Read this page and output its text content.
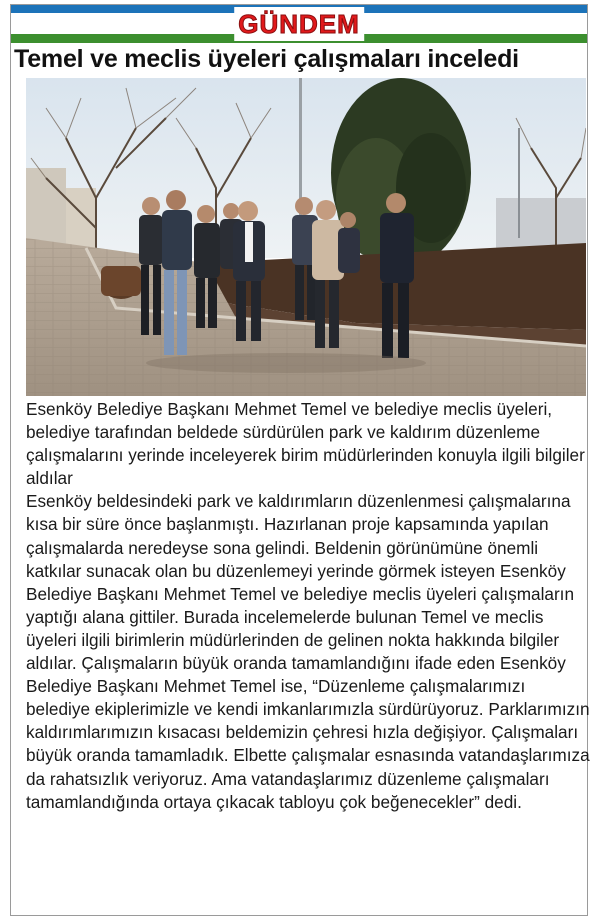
GÜNDEM
Temel ve meclis üyeleri çalışmaları inceledi

Esenköy Belediye Başkanı Mehmet Temel ve belediye meclis üyeleri, belediye tarafından beldede sürdürülen park ve kaldırım düzenleme çalışmalarını yerinde inceleyerek birim müdürlerinden konuyla ilgili bilgiler aldılar

Esenköy beldesindeki park ve kaldırımların düzenlenmesi çalışmalarına kısa bir süre önce başlanmıştı. Hazırlanan proje kapsamında yapılan çalışmalarda neredeyse sona gelindi. Beldenin görünümüne önemli katkılar sunacak olan bu düzenlemeyi yerinde görmek isteyen Esenköy Belediye Başkanı Mehmet Temel ve belediye meclis üyeleri çalışmaların yaptığı alana gittiler. Burada incelemelerde bulunan Temel ve meclis üyeleri ilgili birimlerin müdürlerinden de gelinen nokta hakkında bilgiler aldılar. Çalışmaların büyük oranda tamamlandığını ifade eden Esenköy Belediye Başkanı Mehmet Temel ise, “Düzenleme çalışmalarımızı belediye ekiplerimizle ve kendi imkanlarımızla sürdürüyoruz. Parklarımızın kaldırımlarımızın kısacası beldemizin çehresi hızla değişiyor. Çalışmaları büyük oranda tamamladık. Elbette çalışmalar esnasında vatandaşlarımıza da rahatsızlık veriyoruz. Ama vatandaşlarımız düzenleme çalışmaları tamamlandığında ortaya çıkacak tabloyu çok beğenecekler” dedi.
